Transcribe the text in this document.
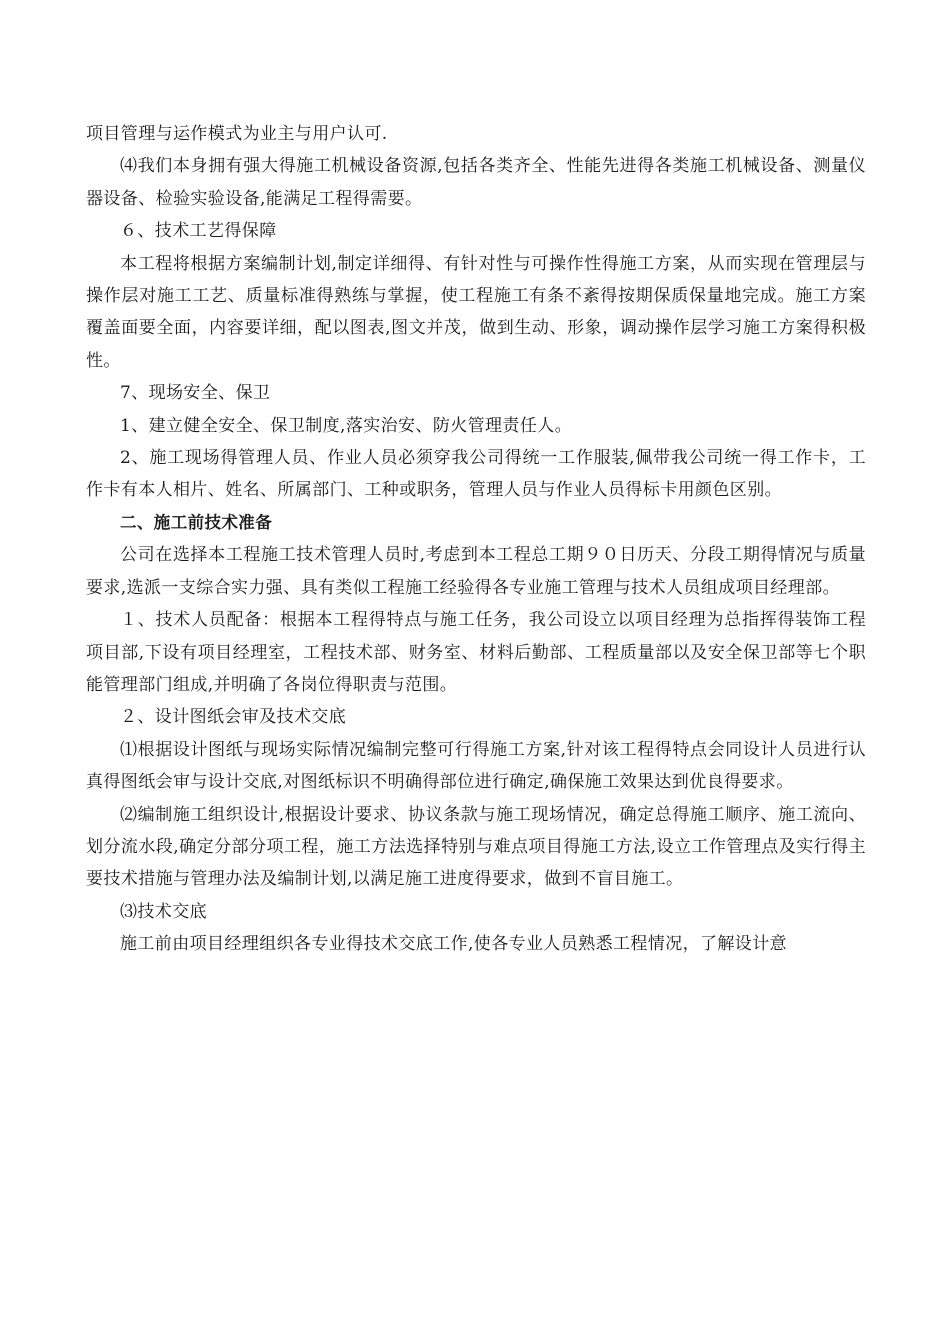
项目管理与运作模式为业主与用户认可.

⑷我们本身拥有强大得施工机械设备资源,包括各类齐全、性能先进得各类施工机械设备、测量仪器设备、检验实验设备,能满足工程得需要。

６、技术工艺得保障

本工程将根据方案编制计划,制定详细得、有针对性与可操作性得施工方案，从而实现在管理层与操作层对施工工艺、质量标准得熟练与掌握，使工程施工有条不紊得按期保质保量地完成。施工方案覆盖面要全面，内容要详细，配以图表,图文并茂，做到生动、形象，调动操作层学习施工方案得积极性。

7、现场安全、保卫

1、建立健全安全、保卫制度,落实治安、防火管理责任人。

2、施工现场得管理人员、作业人员必须穿我公司得统一工作服装,佩带我公司统一得工作卡，工作卡有本人相片、姓名、所属部门、工种或职务，管理人员与作业人员得标卡用颜色区别。

二、施工前技术准备

公司在选择本工程施工技术管理人员时,考虑到本工程总工期９０日历天、分段工期得情况与质量要求,选派一支综合实力强、具有类似工程施工经验得各专业施工管理与技术人员组成项目经理部。

１、技术人员配备：根据本工程得特点与施工任务，我公司设立以项目经理为总指挥得装饰工程项目部,下设有项目经理室，工程技术部、财务室、材料后勤部、工程质量部以及安全保卫部等七个职能管理部门组成,并明确了各岗位得职责与范围。

２、设计图纸会审及技术交底

⑴根据设计图纸与现场实际情况编制完整可行得施工方案,针对该工程得特点会同设计人员进行认真得图纸会审与设计交底,对图纸标识不明确得部位进行确定,确保施工效果达到优良得要求。

⑵编制施工组织设计,根据设计要求、协议条款与施工现场情况，确定总得施工顺序、施工流向、划分流水段,确定分部分项工程，施工方法选择特别与难点项目得施工方法,设立工作管理点及实行得主要技术措施与管理办法及编制计划,以满足施工进度得要求，做到不盲目施工。

⑶技术交底

施工前由项目经理组织各专业得技术交底工作,使各专业人员熟悉工程情况，了解设计意
